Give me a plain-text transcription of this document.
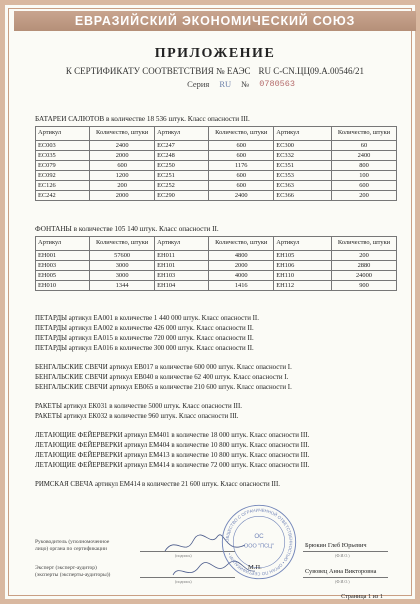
ЕВРАЗИЙСКИЙ ЭКОНОМИЧЕСКИЙ СОЮЗ
ПРИЛОЖЕНИЕ
К СЕРТИФИКАТУ СООТВЕТСТВИЯ № ЕАЭС RU С-CN.ЦЦ09.А.00546/21
Серия RU № 0780563
БАТАРЕИ САЛЮТОВ в количестве 18 536 штук. Класс опасности III.
Артикул	Количество, штуки	Артикул	Количество, штуки	Артикул	Количество, штуки
ЕС003	2400	ЕС247	600	ЕС300	60
ЕС035	2000	ЕС248	600	ЕС332	2400
ЕС079	600	ЕС250	1176	ЕС351	800
ЕС092	1200	ЕС251	600	ЕС353	100
ЕС126	200	ЕС252	600	ЕС363	600
ЕС242	2000	ЕС290	2400	ЕС366	200
ФОНТАНЫ в количестве 105 140 штук. Класс опасности II.
Артикул	Количество, штуки	Артикул	Количество, штуки	Артикул	Количество, штуки
ЕН001	57600	ЕН011	4800	ЕН105	200
ЕН003	3000	ЕН101	2000	ЕН106	2880
ЕН005	3000	ЕН103	4000	ЕН110	24000
ЕН010	1344	ЕН104	1416	ЕН112	900
ПЕТАРДЫ артикул ЕА001 в количестве 1 440 000 штук. Класс опасности II.
ПЕТАРДЫ артикул ЕА002 в количестве 426 000 штук. Класс опасности II.
ПЕТАРДЫ артикул ЕА015 в количестве 720 000 штук. Класс опасности II.
ПЕТАРДЫ артикул ЕА016 в количестве 300 000 штук. Класс опасности II.
БЕНГАЛЬСКИЕ СВЕЧИ артикул ЕВ017 в количестве 600 000 штук. Класс опасности I.
БЕНГАЛЬСКИЕ СВЕЧИ артикул ЕВ040 в количестве 62 400 штук. Класс опасности I.
БЕНГАЛЬСКИЕ СВЕЧИ артикул ЕВ065 в количестве 210 600 штук. Класс опасности I.
РАКЕТЫ артикул ЕК031 в количестве 5000 штук. Класс опасности III.
РАКЕТЫ артикул ЕК032 в количестве 960 штук. Класс опасности III.
ЛЕТАЮЩИЕ ФЕЙЕРВЕРКИ артикул ЕМ401 в количестве 18 000 штук. Класс опасности III.
ЛЕТАЮЩИЕ ФЕЙЕРВЕРКИ артикул ЕМ404 в количестве 10 800 штук. Класс опасности III.
ЛЕТАЮЩИЕ ФЕЙЕРВЕРКИ артикул ЕМ413 в количестве 10 800 штук. Класс опасности III.
ЛЕТАЮЩИЕ ФЕЙЕРВЕРКИ артикул ЕМ414 в количестве 72 000 штук. Класс опасности III.
РИМСКАЯ СВЕЧА артикул ЕМ414 в количестве 21 600 штук. Класс опасности III.
Руководитель (уполномоченное
лицо) органа по сертификации
(подпись)
Брюкин Глеб Юрьевич
(Ф.И.О.)
Эксперт (эксперт-аудитор)
(эксперты (эксперты-аудиторы))
(подпись)
Сувовец Анна Викторовна
(Ф.И.О.)
ОБЩЕСТВО С ОГРАНИЧЕННОЙ ОТВЕТСТВЕННОСТЬЮ • ОРГАН ПО СЕРТИФИКАЦИИ •
ОС
ООО "ПСЦ"
М.П.
Страница 1 из 1
